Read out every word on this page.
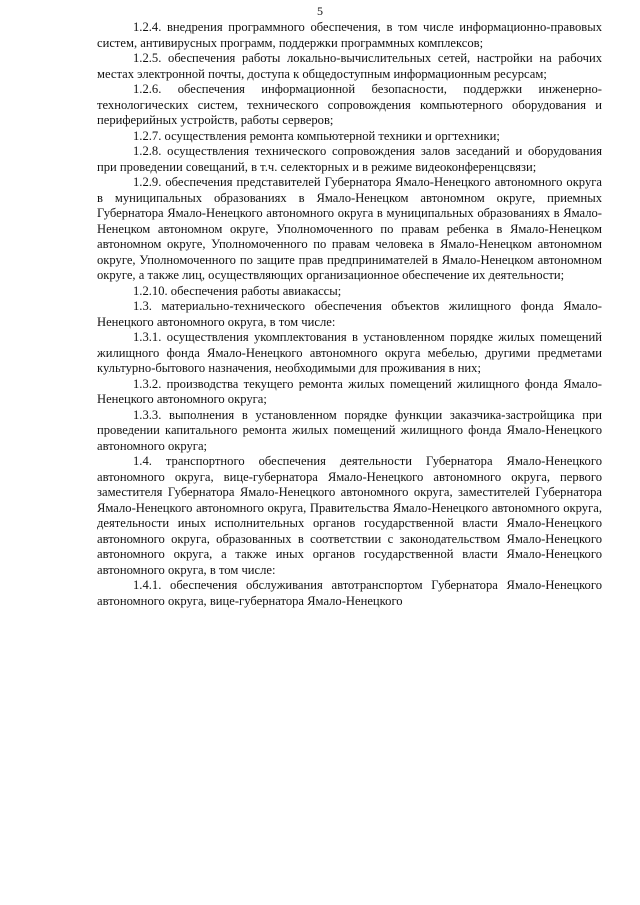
5

1.2.4. внедрения программного обеспечения, в том числе информационно-правовых систем, антивирусных программ, поддержки программных комплексов;

1.2.5. обеспечения работы локально-вычислительных сетей, настройки на рабочих местах электронной почты, доступа к общедоступным информационным ресурсам;

1.2.6. обеспечения информационной безопасности, поддержки инженерно-технологических систем, технического сопровождения компьютерного оборудования и периферийных устройств, работы серверов;

1.2.7. осуществления ремонта компьютерной техники и оргтехники;

1.2.8. осуществления технического сопровождения залов заседаний и оборудования при проведении совещаний, в т.ч. селекторных и в режиме видеоконференцсвязи;

1.2.9. обеспечения представителей Губернатора Ямало-Ненецкого автономного округа в муниципальных образованиях в Ямало-Ненецком автономном округе, приемных Губернатора Ямало-Ненецкого автономного округа в муниципальных образованиях в Ямало-Ненецком автономном округе, Уполномоченного по правам ребенка в Ямало-Ненецком автономном округе, Уполномоченного по правам человека в Ямало-Ненецком автономном округе, Уполномоченного по защите прав предпринимателей в Ямало-Ненецком автономном округе, а также лиц, осуществляющих организационное обеспечение их деятельности;

1.2.10. обеспечения работы авиакассы;

1.3. материально-технического обеспечения объектов жилищного фонда Ямало-Ненецкого автономного округа, в том числе:

1.3.1. осуществления укомплектования в установленном порядке жилых помещений жилищного фонда Ямало-Ненецкого автономного округа мебелью, другими предметами культурно-бытового назначения, необходимыми для проживания в них;

1.3.2. производства текущего ремонта жилых помещений жилищного фонда Ямало-Ненецкого автономного округа;

1.3.3. выполнения в установленном порядке функции заказчика-застройщика при проведении капитального ремонта жилых помещений жилищного фонда Ямало-Ненецкого автономного округа;

1.4. транспортного обеспечения деятельности Губернатора Ямало-Ненецкого автономного округа, вице-губернатора Ямало-Ненецкого автономного округа, первого заместителя Губернатора Ямало-Ненецкого автономного округа, заместителей Губернатора Ямало-Ненецкого автономного округа, Правительства Ямало-Ненецкого автономного округа, деятельности иных исполнительных органов государственной власти Ямало-Ненецкого автономного округа, образованных в соответствии с законодательством Ямало-Ненецкого автономного округа, а также иных органов государственной власти Ямало-Ненецкого автономного округа, в том числе:

1.4.1. обеспечения обслуживания автотранспортом Губернатора Ямало-Ненецкого автономного округа, вице-губернатора Ямало-Ненецкого
